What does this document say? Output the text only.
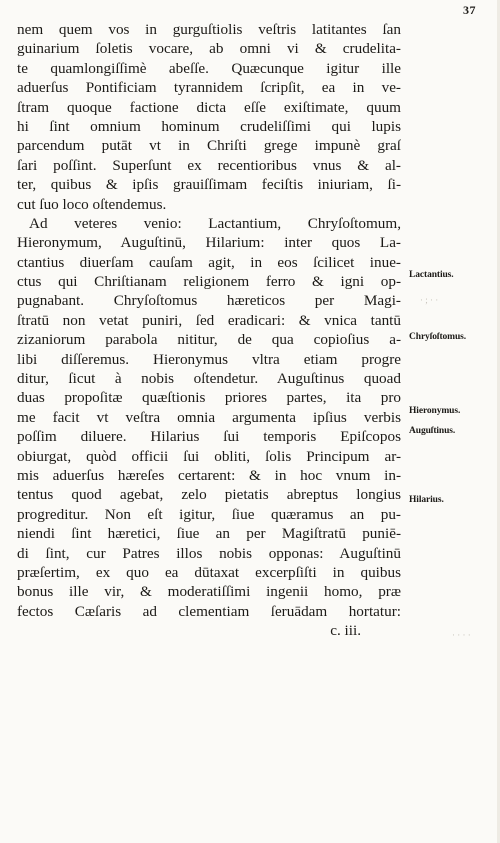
37
nem quem vos in gurguſtiolis veſtris latitantes ſan
guinarium ſoletis vocare, ab omni vi & crudelita-
te quamlongiſſimè abeſſe. Quæcunque igitur ille
aduerſus Pontificiam tyrannidem ſcripſit, ea in ve-
ſtram quoque factione dicta eſſe exiſtimate, quum
hi ſint omnium hominum crudeliſſimi qui lupis
parcendum putāt vt in Chriſti grege impunè graſ
ſari poſſint. Superſunt ex recentioribus vnus & al-
ter, quibus & ipſis grauiſſimam feciſtis iniuriam, ſi-
cut ſuo loco oſtendemus.
Ad veteres venio: Lactantium, Chryſoſtomum,
Hieronymum, Auguſtinū, Hilarium: inter quos La-
ctantius diuerſam cauſam agit, in eos ſcilicet inue-
ctus qui Chriſtianam religionem ferro & igni op-
pugnabant. Chryſoſtomus hæreticos per Magi-
ſtratū non vetat puniri, ſed eradicari: & vnica tantū
zizaniorum parabola nititur, de qua copioſius a-
libi diſſeremus. Hieronymus vltra etiam progre
ditur, ſicut à nobis oſtendetur. Auguſtinus quoad
duas propoſitæ quæſtionis priores partes, ita pro
me facit vt veſtra omnia argumenta ipſius verbis
poſſim diluere. Hilarius ſui temporis Epiſcopos
obiurgat, quòd officii ſui obliti, ſolis Principum ar-
mis aduerſus hæreſes certarent: & in hoc vnum in-
tentus quod agebat, zelo pietatis abreptus longius
progreditur. Non eſt igitur, ſiue quæramus an pu-
niendi ſint hæretici, ſiue an per Magiſtratū puniē-
di ſint, cur Patres illos nobis opponas: Auguſtinū
præſertim, ex quo ea dūtaxat excerpſiſti in quibus
bonus ille vir, & moderatiſſimi ingenii homo, præ
fectos Cæſaris ad clementiam ſeruādam hortatur:
c. iii.
Lactantius.
Chryſoſtomus.
Hieronymus.
Auguſtinus.
Hilarius.
· ; · ·
· · · ·
